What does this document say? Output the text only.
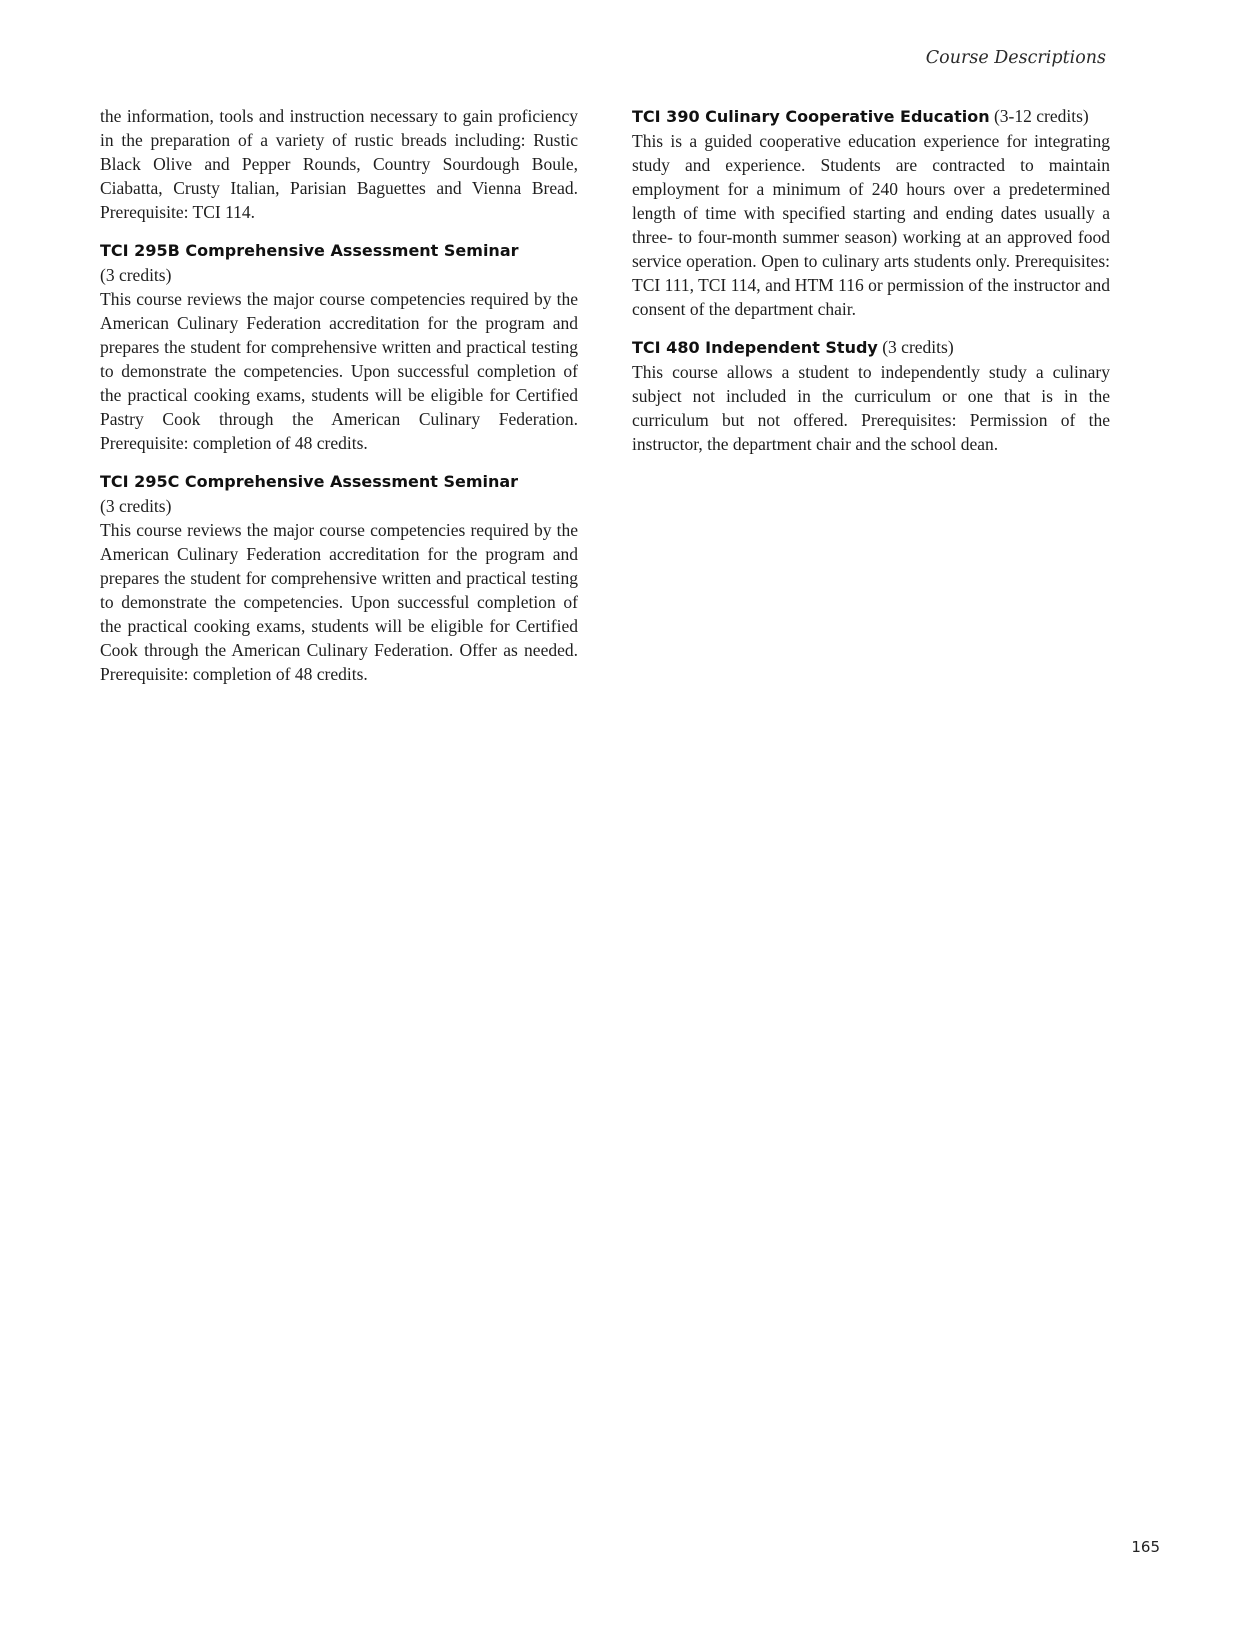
Course Descriptions

the information, tools and instruction necessary to gain proficiency in the preparation of a variety of rustic breads including: Rustic Black Olive and Pepper Rounds, Country Sourdough Boule, Ciabatta, Crusty Italian, Parisian Baguettes and Vienna Bread. Prerequisite: TCI 114.

TCI 295B Comprehensive Assessment Seminar
(3 credits)

This course reviews the major course competencies required by the American Culinary Federation accreditation for the program and prepares the student for comprehensive written and practical testing to demonstrate the competencies. Upon successful completion of the practical cooking exams, students will be eligible for Certified Pastry Cook through the American Culinary Federation. Prerequisite: completion of 48 credits.

TCI 295C Comprehensive Assessment Seminar
(3 credits)

This course reviews the major course competencies required by the American Culinary Federation accreditation for the program and prepares the student for comprehensive written and practical testing to demonstrate the competencies. Upon successful completion of the practical cooking exams, students will be eligible for Certified Cook through the American Culinary Federation. Offer as needed. Prerequisite: completion of 48 credits.

TCI 390 Culinary Cooperative Education (3-12 credits)

This is a guided cooperative education experience for integrating study and experience. Students are contracted to maintain employment for a minimum of 240 hours over a predetermined length of time with specified starting and ending dates usually a three- to four-month summer season) working at an approved food service operation. Open to culinary arts students only. Prerequisites: TCI 111, TCI 114, and HTM 116 or permission of the instructor and consent of the department chair.

TCI 480 Independent Study (3 credits)

This course allows a student to independently study a culinary subject not included in the curriculum or one that is in the curriculum but not offered. Prerequisites: Permission of the instructor, the department chair and the school dean.

165
